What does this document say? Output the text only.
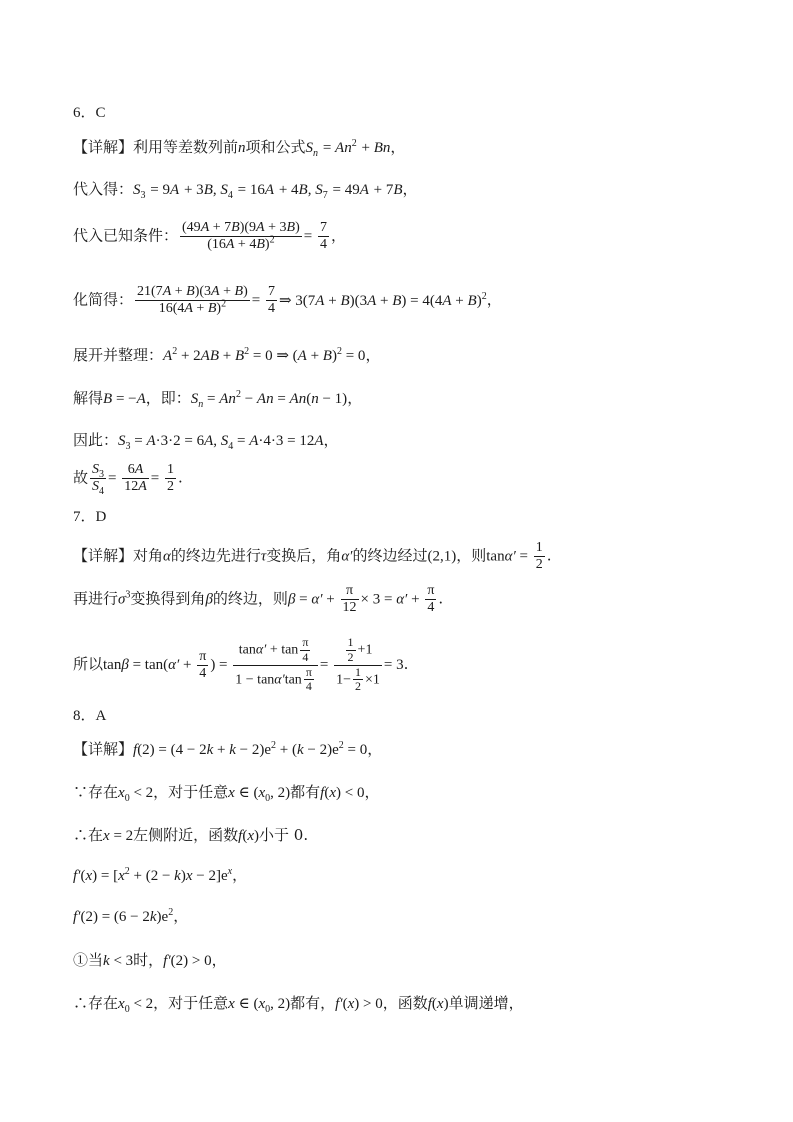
6．C
【详解】利用等差数列前n项和公式$S_n = An^2 + Bn$，
代入得：$S_3 = 9A + 3B$, $S_4 = 16A + 4B$, $S_7 = 49A + 7B$，
代入已知条件： $\frac{(49A + 7B)(9A + 3B)}{(16A + 4B)^2} = \frac{7}{4}$ ，
化简得： $\frac{21(7A + B)(3A + B)}{16(4A + B)^2} = \frac{7}{4}$ ⇒ $3(7A + B)(3A + B) = 4(4A + B)^2$，
展开并整理：$A^2 + 2AB + B^2 = 0$ ⇒ $(A + B)^2 = 0$，
解得B = −A，即：$S_n = An^2 - An = An(n - 1)$，
因此：$S_3 = A\cdot 3\cdot 2 = 6A$, $S_4 = A\cdot 4\cdot 3 = 12A$，
故 $\frac{S_3}{S_4} = \frac{6A}{12A} = \frac{1}{2}$ .
7．D
【详解】对角α的终边先进行τ变换后，角α′的终边经过(2,1)，则$\tan\alpha' = \frac{1}{2}$ .
再进行$\sigma^3$变换得到角β的终边，则$\beta = \alpha' + \frac{\pi}{12} \times 3 = \alpha' + \frac{\pi}{4}$ .
所以$\tan\beta = \tan(\alpha' + \frac{\pi}{4}$ ) = $\frac{\tan\alpha' + \tan \frac{\pi}{4}}{1 - \tan\alpha'\tan \frac{\pi}{4}} = \frac{\frac{1}{2} +1}{1- \frac{1}{2} \times 1} = 3$.
8．A
【详解】$f(2) = (4 - 2k + k - 2)e^2 + (k - 2)e^2 = 0$，
∵存在$x_0 < 2$，对于任意x ∈ ($x_0$, 2)都有f(x) < 0，
∴在x = 2左侧附近，函数f(x)小于 0.
$f'(x) = [x^2 + (2 - k)x - 2]e^x$，
$f'(2) = (6 - 2k)e^2$，
①当k < 3时，f′(2) > 0，
∴存在$x_0 < 2$，对于任意x ∈ ($x_0$, 2)都有，f′(x) > 0，函数f(x)单调递增，
